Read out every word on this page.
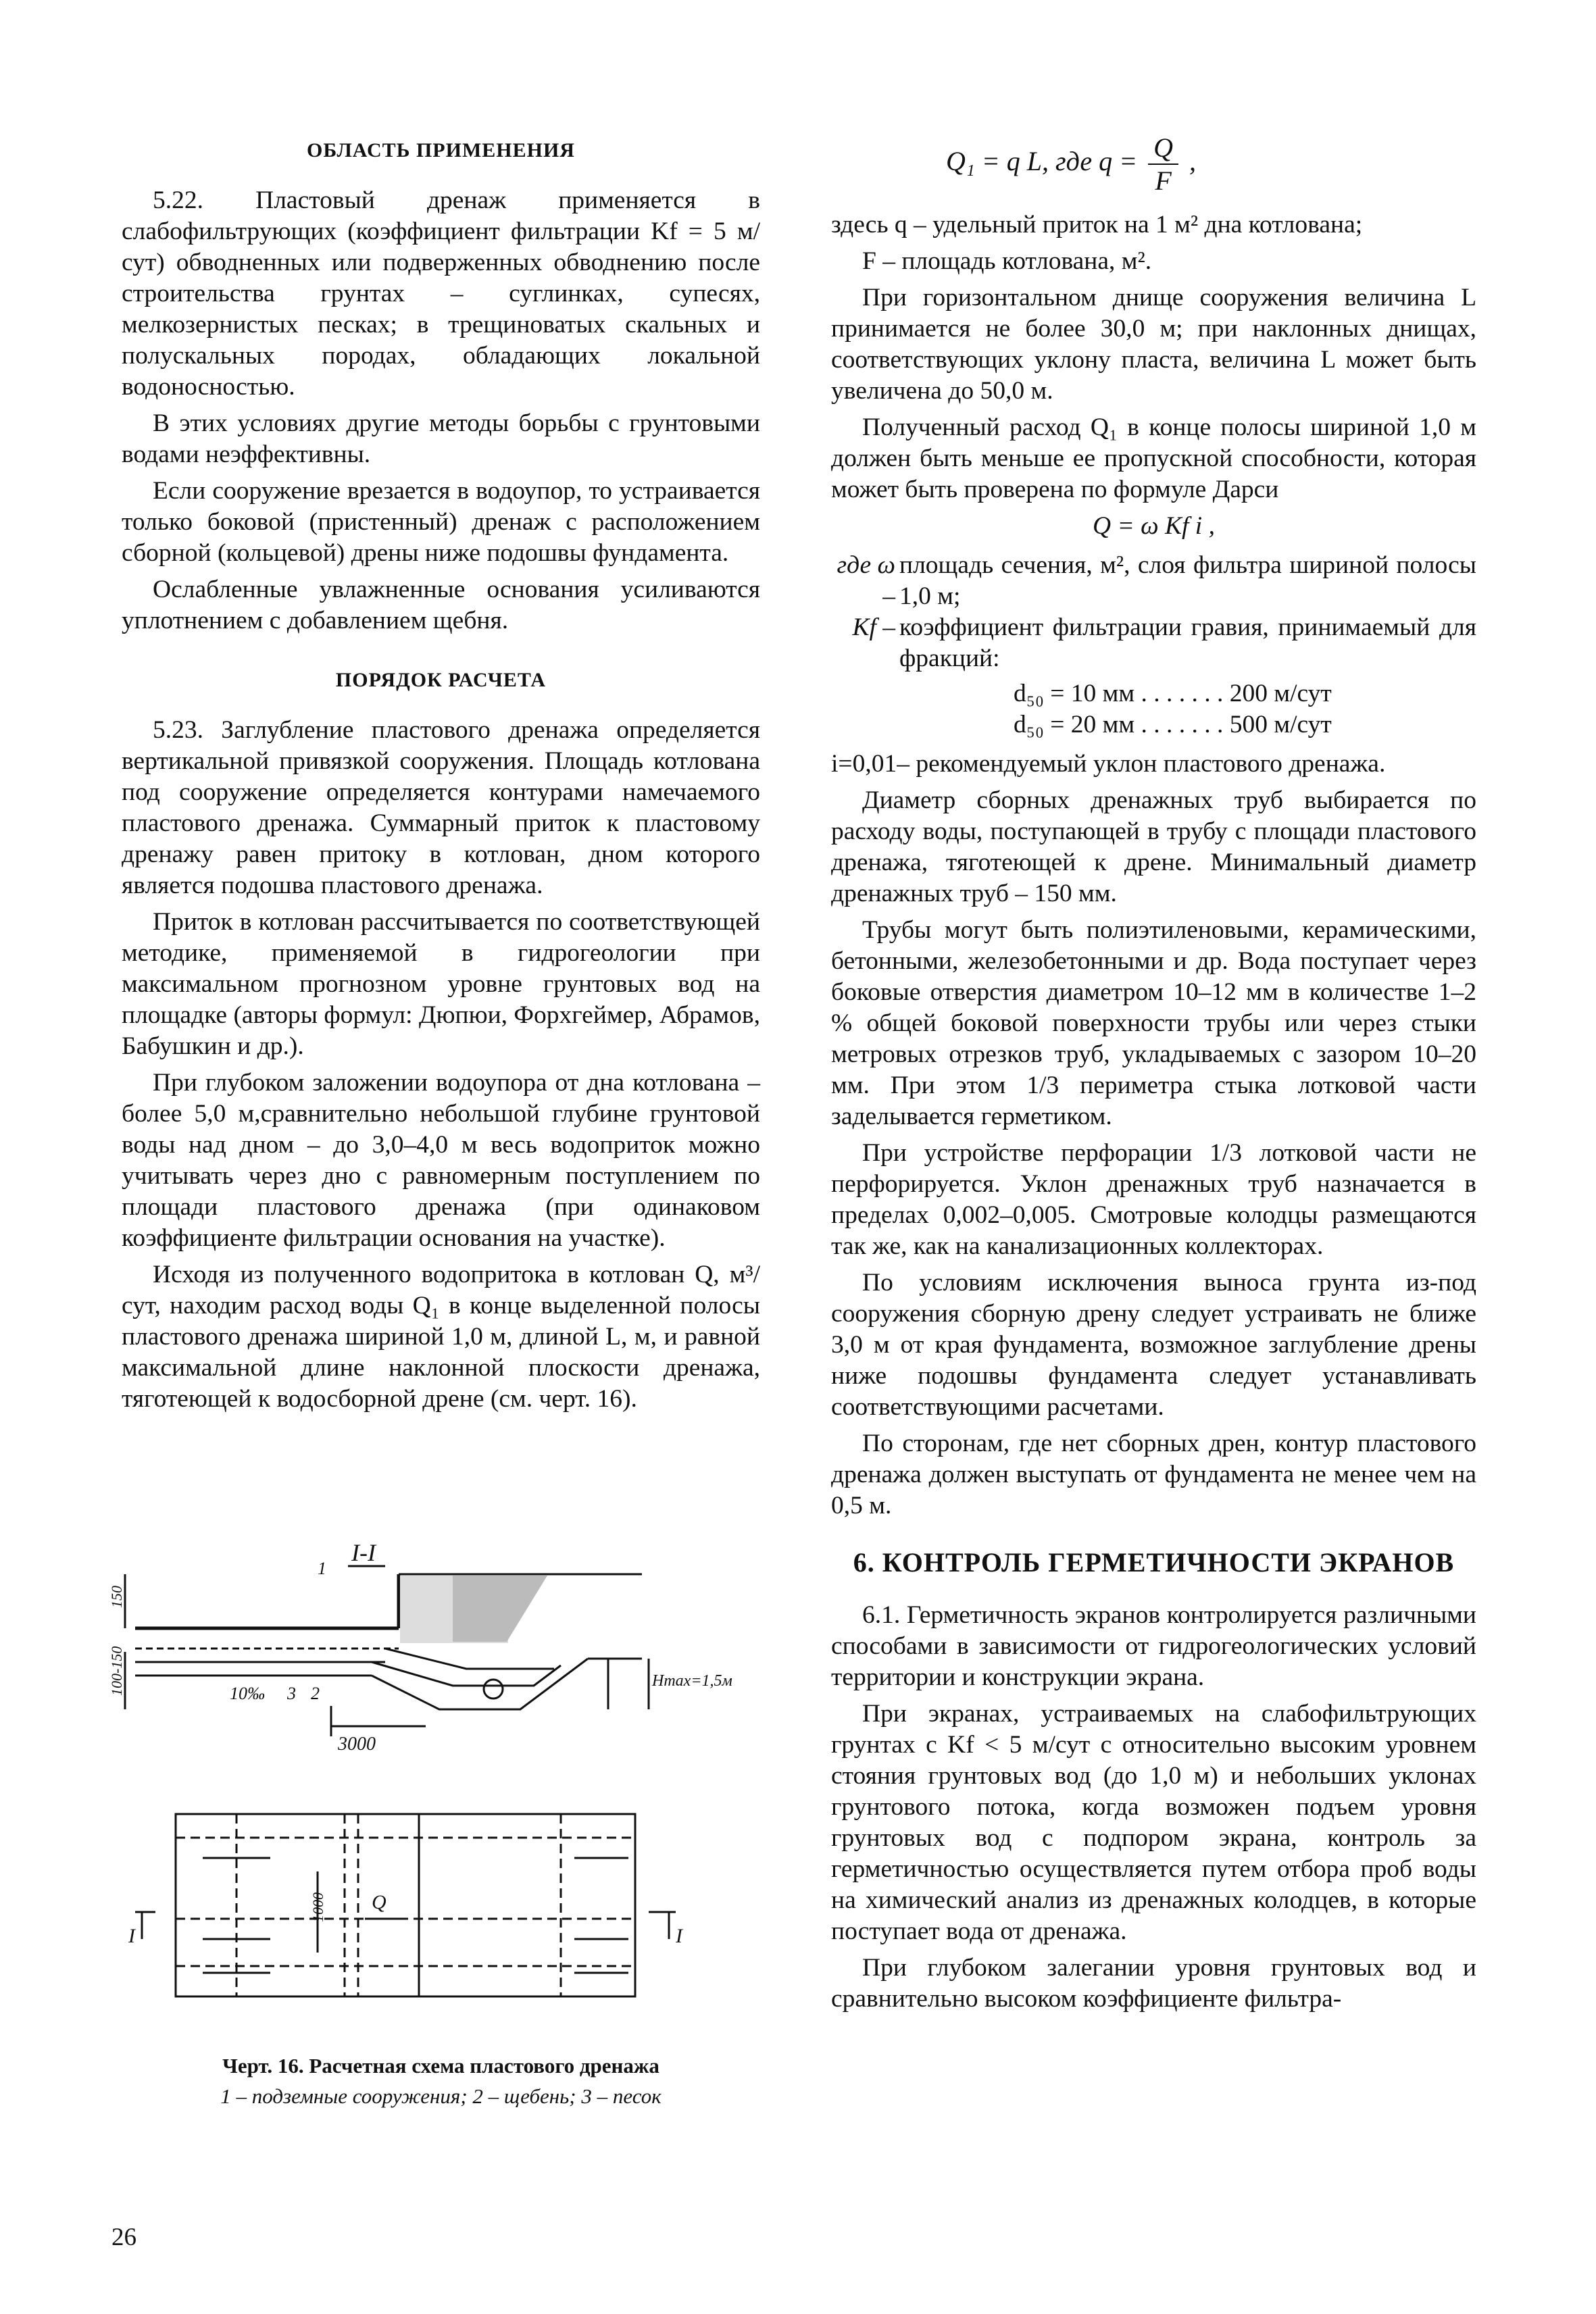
ОБЛАСТЬ ПРИМЕНЕНИЯ

5.22. Пластовый дренаж применяется в слабофильтрующих (коэффициент фильтрации Kf = 5 м/сут) обводненных или подверженных обводнению после строительства грунтах – суглинках, супесях, мелкозернистых песках; в трещиноватых скальных и полускальных породах, обладающих локальной водоносностью.

В этих условиях другие методы борьбы с грунтовыми водами неэффективны.

Если сооружение врезается в водоупор, то устраивается только боковой (пристенный) дренаж с расположением сборной (кольцевой) дрены ниже подошвы фундамента.

Ослабленные увлажненные основания усиливаются уплотнением с добавлением щебня.

ПОРЯДОК РАСЧЕТА

5.23. Заглубление пластового дренажа определяется вертикальной привязкой сооружения. Площадь котлована под сооружение определяется контурами намечаемого пластового дренажа. Суммарный приток к пластовому дренажу равен притоку в котлован, дном которого является подошва пластового дренажа.

Приток в котлован рассчитывается по соответствующей методике, применяемой в гидрогеологии при максимальном прогнозном уровне грунтовых вод на площадке (авторы формул: Дюпюи, Форхгеймер, Абрамов, Бабушкин и др.).

При глубоком заложении водоупора от дна котлована – более 5,0 м,сравнительно небольшой глубине грунтовой воды над дном – до 3,0–4,0 м весь водоприток можно учитывать через дно с равномерным поступлением по площади пластового дренажа (при одинаковом коэффициенте фильтрации основания на участке).

Исходя из полученного водопритока в котлован Q, м³/сут, находим расход воды Q₁ в конце выделенной полосы пластового дренажа шириной 1,0 м, длиной L, м, и равной максимальной длине наклонной плоскости дренажа, тяготеющей к водосборной дрене (см. черт. 16).

I-I
3000
150
100-150	10‰ 3 2
1
Hmax=1,5м
Q
1000
I	I
Черт. 16. Расчетная схема пластового дренажа
1 – подземные сооружения; 2 – щебень; 3 – песок
26
Q₁ = q L, где $q = \frac{Q}{F}$ ,

здесь q – удельный приток на 1 м² дна котлована;

F – площадь котлована, м².

При горизонтальном днище сооружения величина L принимается не более 30,0 м; при наклонных днищах, соответствующих уклону пласта, величина L может быть увеличена до 50,0 м.

Полученный расход Q₁ в конце полосы шириной 1,0 м должен быть меньше ее пропускной способности, которая может быть проверена по формуле Дарси

Q = ω Kf i ,
где ω –
площадь сечения, м², слоя фильтра шириной полосы 1,0 м;
Kf – коэффициент фильтрации гравия, принимаемый для фракций:
d₅₀ = 10 мм . . . . . . . 200 м/сут
d₅₀ = 20 мм . . . . . . . 500 м/сут

i=0,01– рекомендуемый уклон пластового дренажа.

Диаметр сборных дренажных труб выбирается по расходу воды, поступающей в трубу с площади пластового дренажа, тяготеющей к дрене. Минимальный диаметр дренажных труб – 150 мм.

Трубы могут быть полиэтиленовыми, керамическими, бетонными, железобетонными и др. Вода поступает через боковые отверстия диаметром 10–12 мм в количестве 1–2 % общей боковой поверхности трубы или через стыки метровых отрезков труб, укладываемых с зазором 10–20 мм. При этом 1/3 периметра стыка лотковой части заделывается герметиком.

При устройстве перфорации 1/3 лотковой части не перфорируется. Уклон дренажных труб назначается в пределах 0,002–0,005. Смотровые колодцы размещаются так же, как на канализационных коллекторах.

По условиям исключения выноса грунта из-под сооружения сборную дрену следует устраивать не ближе 3,0 м от края фундамента, возможное заглубление дрены ниже подошвы фундамента следует устанавливать соответствующими расчетами.

По сторонам, где нет сборных дрен, контур пластового дренажа должен выступать от фундамента не менее чем на 0,5 м.

6. КОНТРОЛЬ ГЕРМЕТИЧНОСТИ ЭКРАНОВ

6.1. Герметичность экранов контролируется различными способами в зависимости от гидрогеологических условий территории и конструкции экрана.

При экранах, устраиваемых на слабофильтрующих грунтах с Kf < 5 м/сут с относительно высоким уровнем стояния грунтовых вод (до 1,0 м) и небольших уклонах грунтового потока, когда возможен подъем уровня грунтовых вод с подпором экрана, контроль за герметичностью осуществляется путем отбора проб воды на химический анализ из дренажных колодцев, в которые поступает вода от дренажа.

При глубоком залегании уровня грунтовых вод и сравнительно высоком коэффициенте фильтра-
